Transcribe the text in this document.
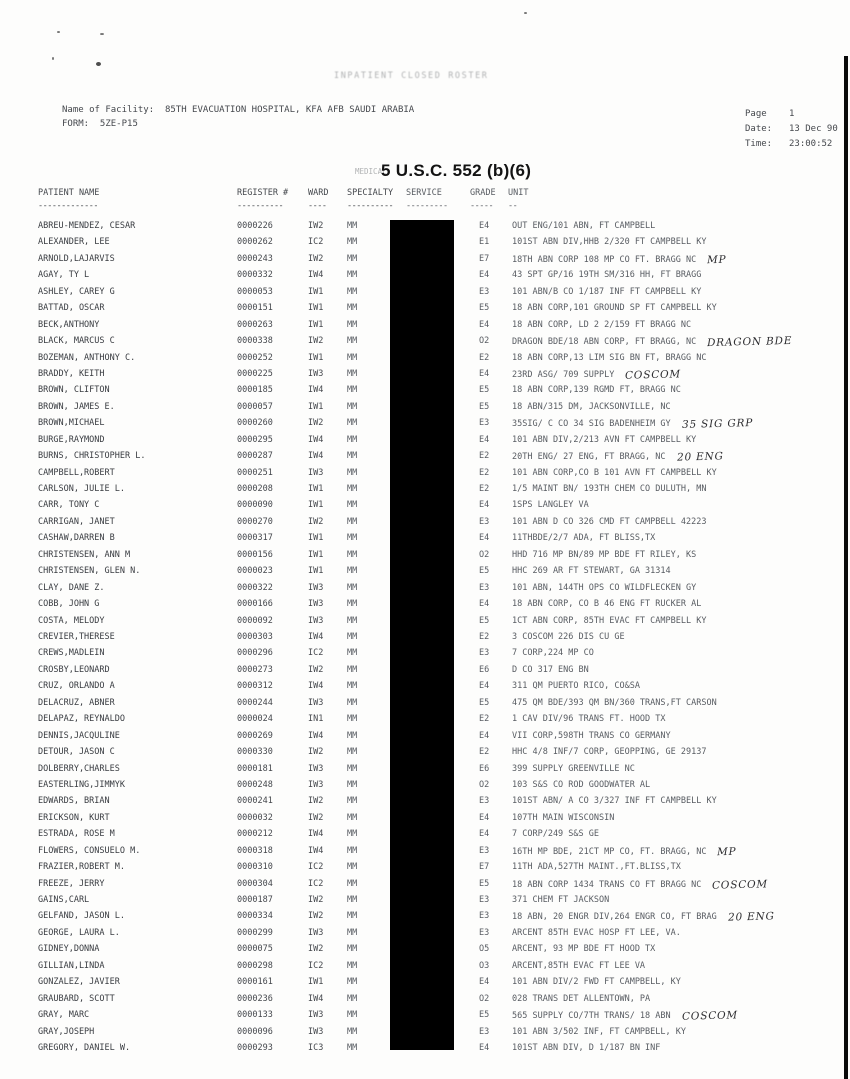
INPATIENT CLOSED ROSTER
Name of Facility: 85TH EVACUATION HOSPITAL, KFA AFB SAUDI ARABIA
FORM:  5ZE-P15
Page 1
Date: 13 Dec 90
Time: 23:00:52
MEDICAL
5 U.S.C. 552 (b)(6)
PATIENT NAME	REGISTER # WARD SPECIALTY SERVICE	GRADE UNIT
-------------	----------	---- ---------- ---------	----- --
ABREU-MENDEZ, CESAR	0000226	IW2	MM	E4	OUT ENG/101 ABN, FT CAMPBELL
ALEXANDER, LEE	0000262	IC2	MM	E1	101ST ABN DIV,HHB 2/320 FT CAMPBELL KY
ARNOLD,LAJARVIS	0000243	IW2	MM	E7	18TH ABN CORP 108 MP CO FT. BRAGG NC MP
AGAY, TY L	0000332	IW4	MM	E4	43 SPT GP/16 19TH SM/316 HH, FT BRAGG
ASHLEY, CAREY G	0000053	IW1	MM	E3	101 ABN/B CO 1/187 INF FT CAMPBELL KY
BATTAD, OSCAR	0000151	IW1	MM	E5	18 ABN CORP,101 GROUND SP FT CAMPBELL KY
BECK,ANTHONY	0000263	IW1	MM	E4	18 ABN CORP, LD 2 2/159 FT BRAGG NC
BLACK, MARCUS C	0000338	IW2	MM	O2	DRAGON BDE/18 ABN CORP, FT BRAGG, NC DRAGON BDE
BOZEMAN, ANTHONY C.	0000252	IW1	MM	E2	18 ABN CORP,13 LIM SIG BN FT, BRAGG NC
BRADDY, KEITH	0000225	IW3	MM	E4	23RD ASG/ 709 SUPPLY COSCOM
BROWN, CLIFTON	0000185	IW4	MM	E5	18 ABN CORP,139 RGMD FT, BRAGG NC
BROWN, JAMES E.	0000057	IW1	MM	E5	18 ABN/315 DM, JACKSONVILLE, NC
BROWN,MICHAEL	0000260	IW2	MM	E3	35SIG/ C CO 34 SIG BADENHEIM GY 35 SIG GRP
BURGE,RAYMOND	0000295	IW4	MM	E4	101 ABN DIV,2/213 AVN FT CAMPBELL KY
BURNS, CHRISTOPHER L.	0000287	IW4	MM	E2	20TH ENG/ 27 ENG, FT BRAGG, NC 20 ENG
CAMPBELL,ROBERT	0000251	IW3	MM	E2	101 ABN CORP,CO B 101 AVN FT CAMPBELL KY
CARLSON, JULIE L.	0000208	IW1	MM	E2	1/5 MAINT BN/ 193TH CHEM CO DULUTH, MN
CARR, TONY C	0000090	IW1	MM	E4	1SPS LANGLEY VA
CARRIGAN, JANET	0000270	IW2	MM	E3	101 ABN D CO 326 CMD FT CAMPBELL 42223
CASHAW,DARREN B	0000317	IW1	MM	E4	11THBDE/2/7 ADA, FT BLISS,TX
CHRISTENSEN, ANN M	0000156	IW1	MM	O2	HHD 716 MP BN/89 MP BDE FT RILEY, KS
CHRISTENSEN, GLEN N.	0000023	IW1	MM	E5	HHC 269 AR FT STEWART, GA 31314
CLAY, DANE Z.	0000322	IW3	MM	E3	101 ABN, 144TH OPS CO WILDFLECKEN GY
COBB, JOHN G	0000166	IW3	MM	E4	18 ABN CORP, CO B 46 ENG FT RUCKER AL
COSTA, MELODY	0000092	IW3	MM	E5	1CT ABN CORP, 85TH EVAC FT CAMPBELL KY
CREVIER,THERESE	0000303	IW4	MM	E2	3 COSCOM 226 DIS CU GE
CREWS,MADLEIN	0000296	IC2	MM	E3	7 CORP,224 MP CO
CROSBY,LEONARD	0000273	IW2	MM	E6	D CO 317 ENG BN
CRUZ, ORLANDO A	0000312	IW4	MM	E4	311 QM PUERTO RICO, CO&SA
DELACRUZ, ABNER	0000244	IW3	MM	E5	475 QM BDE/393 QM BN/360 TRANS,FT CARSON
DELAPAZ, REYNALDO	0000024	IN1	MM	E2	1 CAV DIV/96 TRANS FT. HOOD TX
DENNIS,JACQULINE	0000269	IW4	MM	E4	VII CORP,598TH TRANS CO GERMANY
DETOUR, JASON C	0000330	IW2	MM	E2	HHC 4/8 INF/7 CORP, GEOPPING, GE 29137
DOLBERRY,CHARLES	0000181	IW3	MM	E6	399 SUPPLY GREENVILLE NC
EASTERLING,JIMMYK	0000248	IW3	MM	O2	103 S&S CO ROD GOODWATER AL
EDWARDS, BRIAN	0000241	IW2	MM	E3	101ST ABN/ A CO 3/327 INF FT CAMPBELL KY
ERICKSON, KURT	0000032	IW2	MM	E4	107TH MAIN WISCONSIN
ESTRADA, ROSE M	0000212	IW4	MM	E4	7 CORP/249 S&S GE
FLOWERS, CONSUELO M.	0000318	IW4	MM	E3	16TH MP BDE, 21CT MP CO, FT. BRAGG, NC MP
FRAZIER,ROBERT M.	0000310	IC2	MM	E7	11TH ADA,527TH MAINT.,FT.BLISS,TX
FREEZE, JERRY	0000304	IC2	MM	E5	18 ABN CORP 1434 TRANS CO FT BRAGG NC COSCOM
GAINS,CARL	0000187	IW2	MM	E3	371 CHEM FT JACKSON
GELFAND, JASON L.	0000334	IW2	MM	E3	18 ABN, 20 ENGR DIV,264 ENGR CO, FT BRAG 20 ENG
GEORGE, LAURA L.	0000299	IW3	MM	E3	ARCENT 85TH EVAC HOSP FT LEE, VA.
GIDNEY,DONNA	0000075	IW2	MM	O5	ARCENT, 93 MP BDE FT HOOD TX
GILLIAN,LINDA	0000298	IC2	MM	O3	ARCENT,85TH EVAC FT LEE VA
GONZALEZ, JAVIER	0000161	IW1	MM	E4	101 ABN DIV/2 FWD FT CAMPBELL, KY
GRAUBARD, SCOTT	0000236	IW4	MM	O2	028 TRANS DET ALLENTOWN, PA
GRAY, MARC	0000133	IW3	MM	E5	565 SUPPLY CO/7TH TRANS/ 18 ABN COSCOM
GRAY,JOSEPH	0000096	IW3	MM	E3	101 ABN 3/502 INF, FT CAMPBELL, KY
GREGORY, DANIEL W.	0000293	IC3	MM	E4	101ST ABN DIV, D 1/187 BN INF
